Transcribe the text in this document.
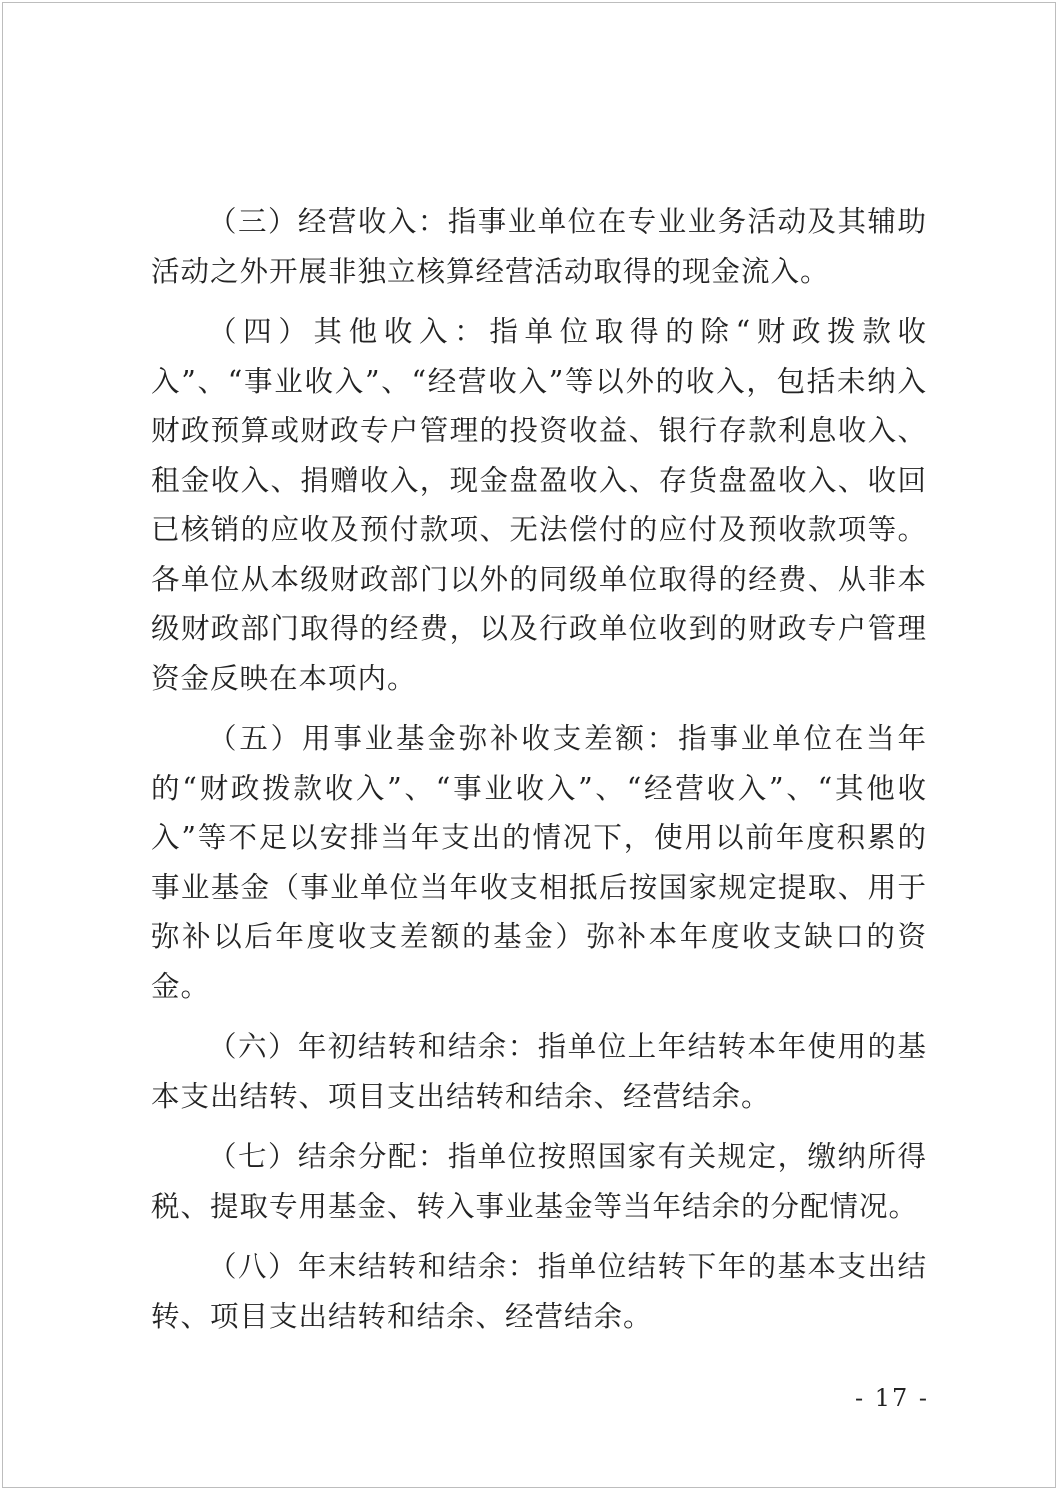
（三）经营收入：指事业单位在专业业务活动及其辅助活动之外开展非独立核算经营活动取得的现金流入。

（四）其他收入：指单位取得的除“财政拨款收入”、“事业收入”、“经营收入”等以外的收入，包括未纳入财政预算或财政专户管理的投资收益、银行存款利息收入、租金收入、捐赠收入，现金盘盈收入、存货盘盈收入、收回已核销的应收及预付款项、无法偿付的应付及预收款项等。各单位从本级财政部门以外的同级单位取得的经费、从非本级财政部门取得的经费，以及行政单位收到的财政专户管理资金反映在本项内。

（五）用事业基金弥补收支差额：指事业单位在当年的“财政拨款收入”、“事业收入”、“经营收入”、“其他收入”等不足以安排当年支出的情况下，使用以前年度积累的事业基金（事业单位当年收支相抵后按国家规定提取、用于弥补以后年度收支差额的基金）弥补本年度收支缺口的资金。

（六）年初结转和结余：指单位上年结转本年使用的基本支出结转、项目支出结转和结余、经营结余。

（七）结余分配：指单位按照国家有关规定，缴纳所得税、提取专用基金、转入事业基金等当年结余的分配情况。

（八）年末结转和结余：指单位结转下年的基本支出结转、项目支出结转和结余、经营结余。

- 17 -
